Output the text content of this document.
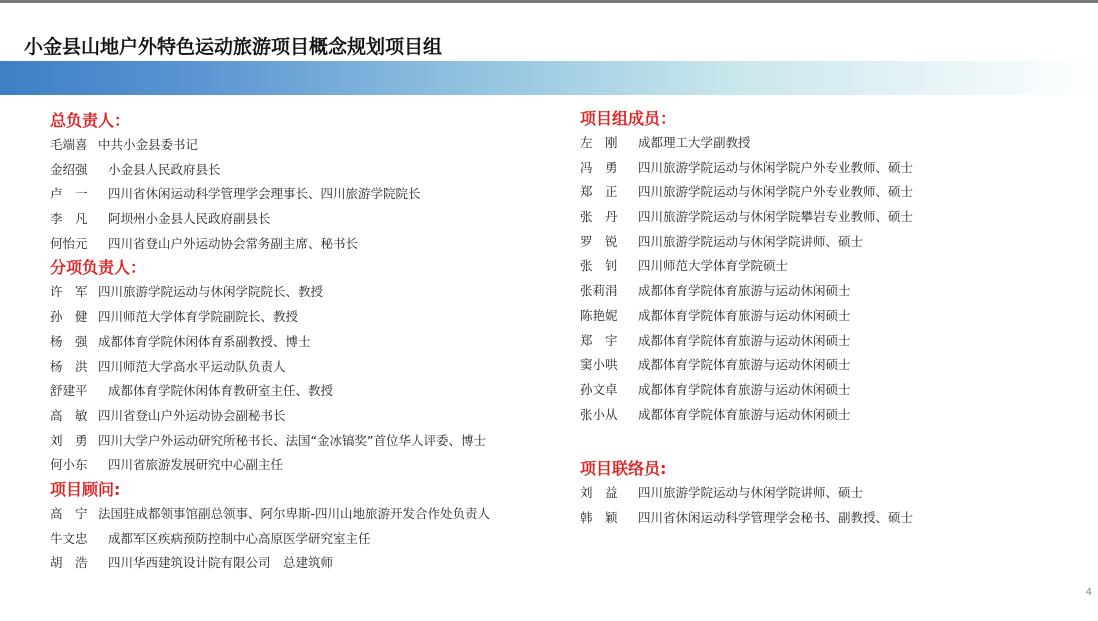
小金县山地户外特色运动旅游项目概念规划项目组
总负责人：
毛端喜 中共小金县委书记
金绍强 小金县人民政府县长
卢　一 四川省休闲运动科学管理学会理事长、四川旅游学院院长
李　凡 阿坝州小金县人民政府副县长
何怡元 四川省登山户外运动协会常务副主席、秘书长
分项负责人：
许　军 四川旅游学院运动与休闲学院院长、教授
孙　健 四川师范大学体育学院副院长、教授
杨　强 成都体育学院休闲体育系副教授、博士
杨　洪 四川师范大学高水平运动队负责人
舒建平 成都体育学院休闲体育教研室主任、教授
高　敏 四川省登山户外运动协会副秘书长
刘　勇 四川大学户外运动研究所秘书长、法国“金冰镐奖”首位华人评委、博士
何小东 四川省旅游发展研究中心副主任
项目顾问:
高　宁 法国驻成都领事馆副总领事、阿尔卑斯-四川山地旅游开发合作处负责人
牛文忠 成都军区疾病预防控制中心高原医学研究室主任
胡　浩 四川华西建筑设计院有限公司　总建筑师
项目组成员：
左　刚 成都理工大学副教授
冯　勇 四川旅游学院运动与休闲学院户外专业教师、硕士
郑　正 四川旅游学院运动与休闲学院户外专业教师、硕士
张　丹 四川旅游学院运动与休闲学院攀岩专业教师、硕士
罗　锐 四川旅游学院运动与休闲学院讲师、硕士
张　钊 四川师范大学体育学院硕士
张莉涓 成都体育学院体育旅游与运动休闲硕士
陈艳妮 成都体育学院体育旅游与运动休闲硕士
郑　宇 成都体育学院体育旅游与运动休闲硕士
窦小哄 成都体育学院体育旅游与运动休闲硕士
孙文卓 成都体育学院体育旅游与运动休闲硕士
张小从 成都体育学院体育旅游与运动休闲硕士
项目联络员:
刘　益 四川旅游学院运动与休闲学院讲师、硕士
韩　颖 四川省休闲运动科学管理学会秘书、副教授、硕士
4
